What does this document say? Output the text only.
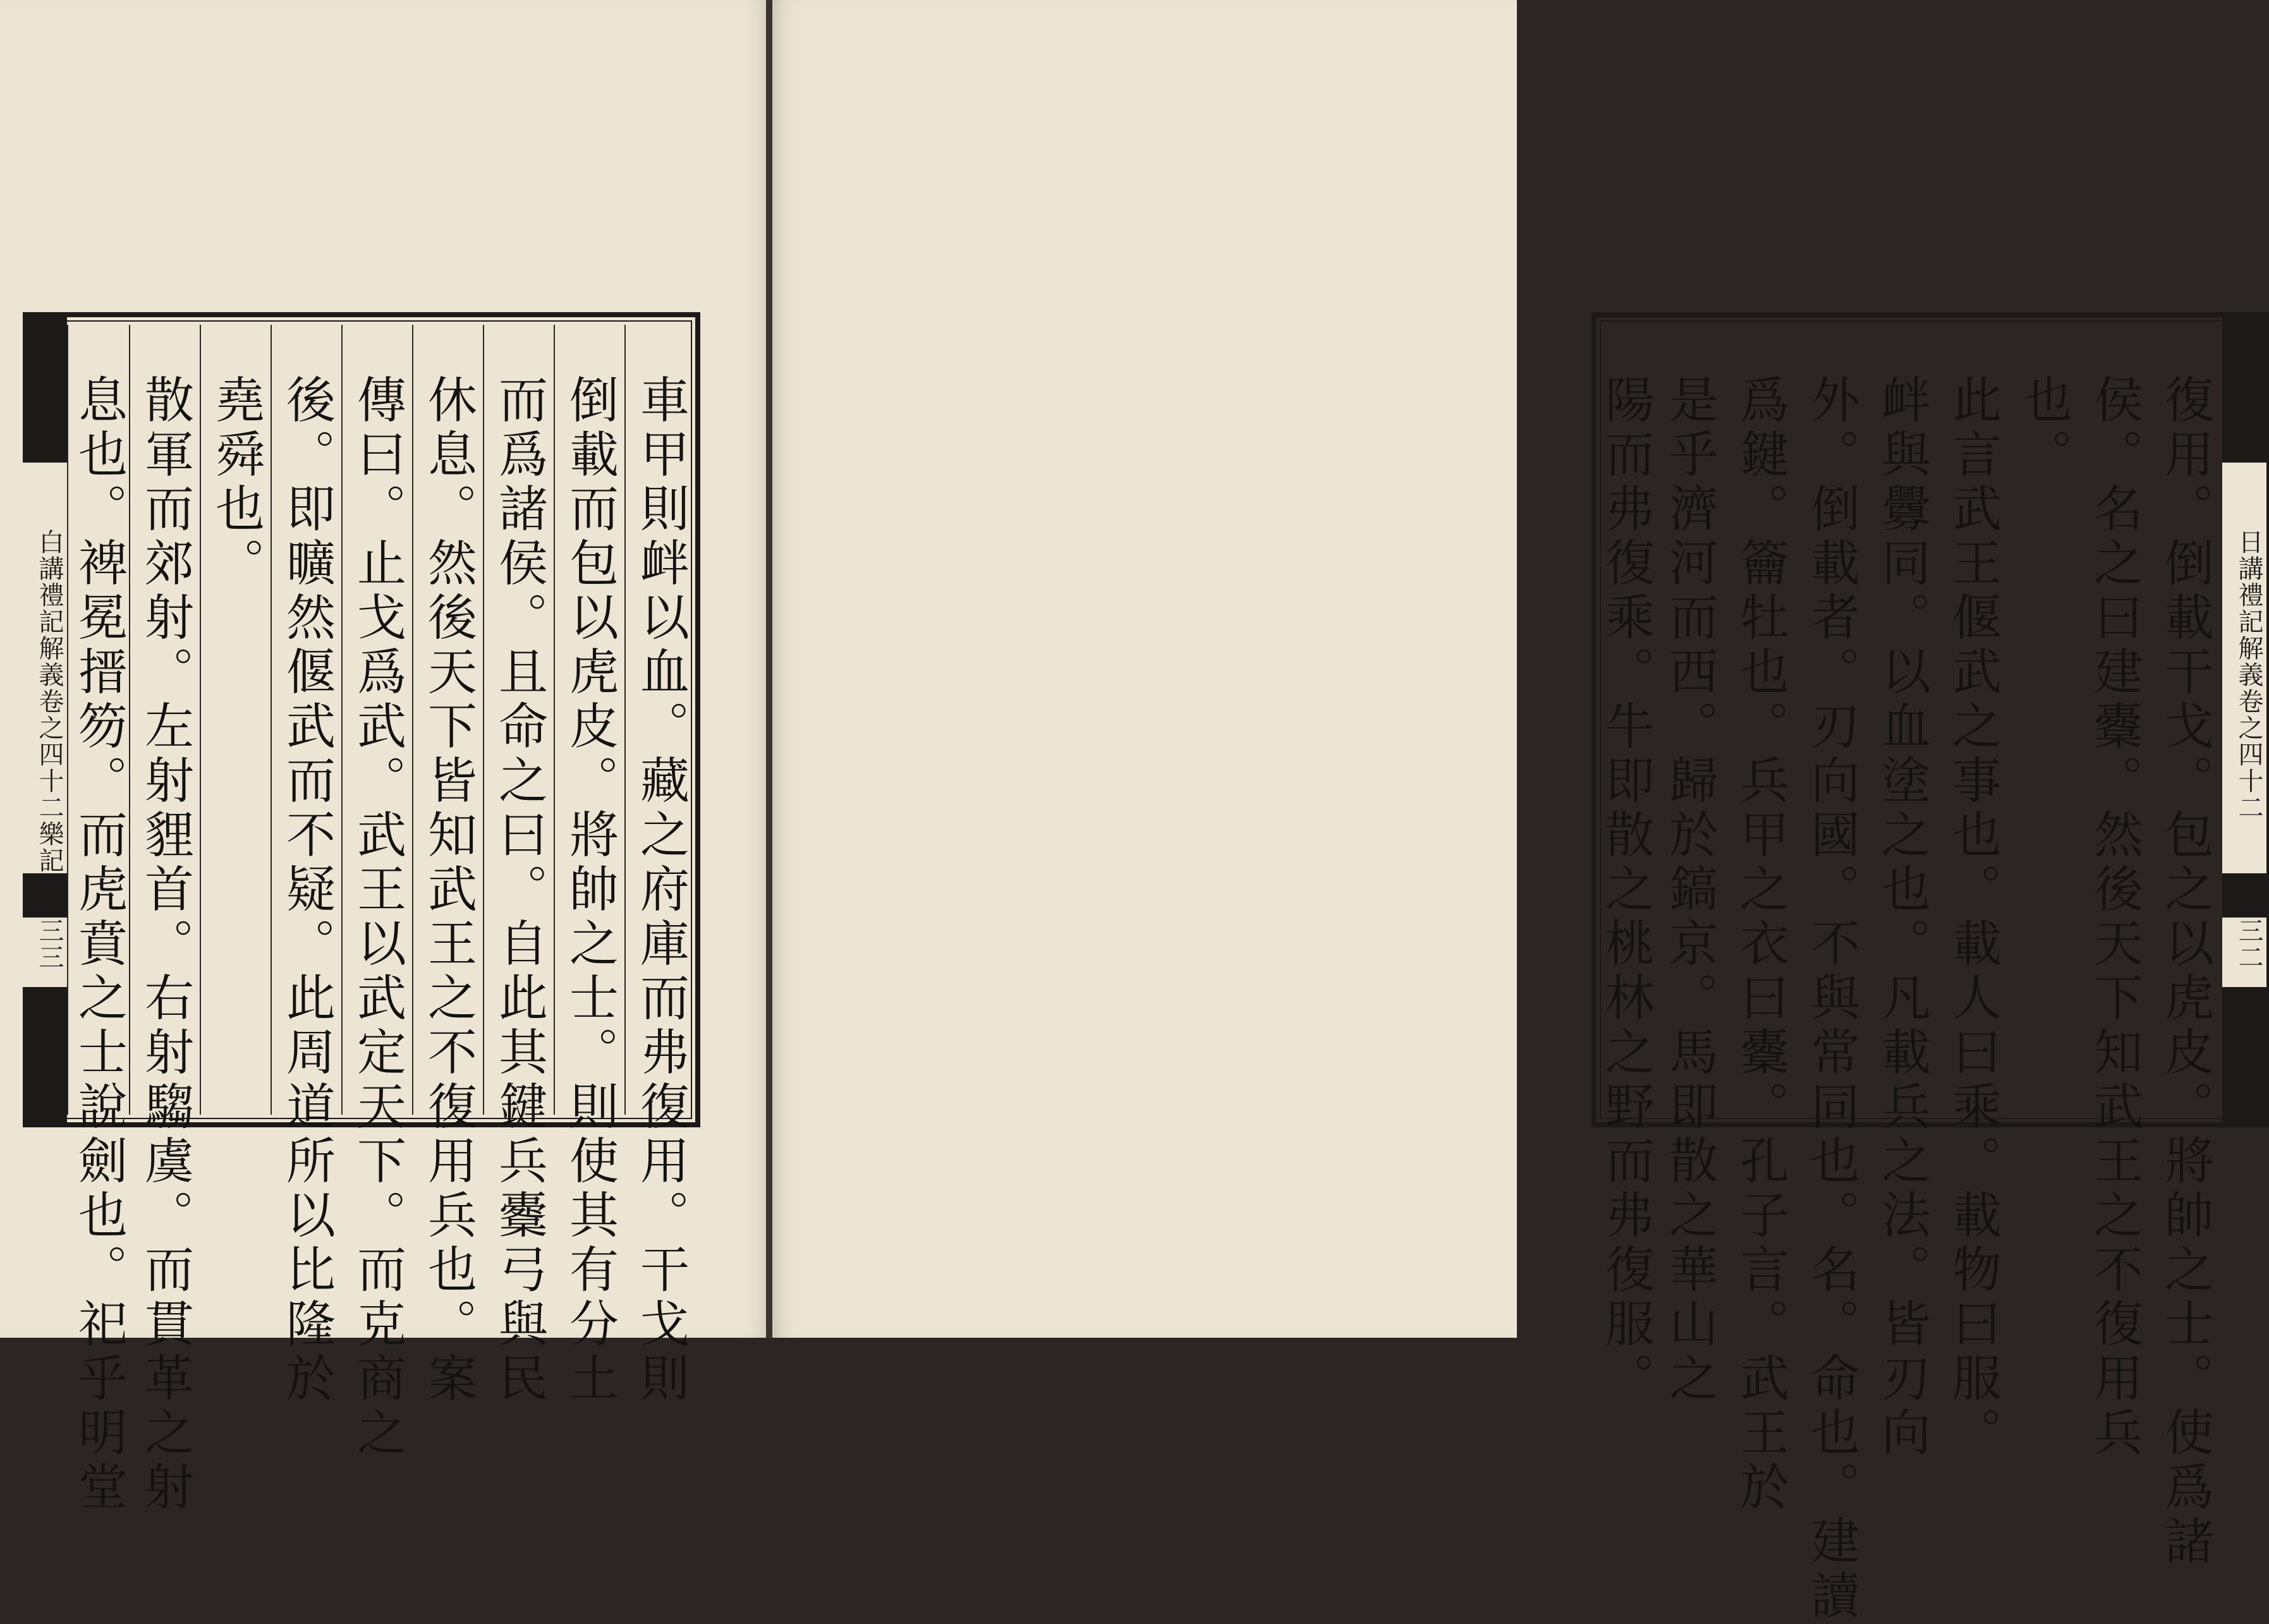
車甲則衅以血。藏之府庫而弗復用。干戈則
倒載而包以虎皮。將帥之士。則使其有分土
而爲諸侯。且命之曰。自此其鍵兵櫜弓與民
休息。然後天下皆知武王之不復用兵也。案
傳曰。止戈爲武。武王以武定天下。而克商之
後。即曠然偃武而不疑。此周道所以比隆於
堯舜也。
散軍而郊射。左射貍首。右射騶虞。而貫革之射
息也。裨冕搢笏。而虎賁之士說劍也。祀乎明堂
白講禮記解義卷之四十二樂記
三三	復用。倒載干戈。包之以虎皮。將帥之士。使爲諸
侯。名之曰建櫜。然後天下知武王之不復用兵
也。
此言武王偃武之事也。載人曰乘。載物曰服。
衅與釁同。以血塗之也。凡載兵之法。皆刃向
外。倒載者。刃向國。不與常同也。名。命也。建讀
爲鍵。籥牡也。兵甲之衣曰櫜。孔子言。武王於
是乎濟河而西。歸於鎬京。馬即散之華山之
陽而弗復乘。牛即散之桃林之野而弗復服。	日講禮記解義卷之四十二
三二
